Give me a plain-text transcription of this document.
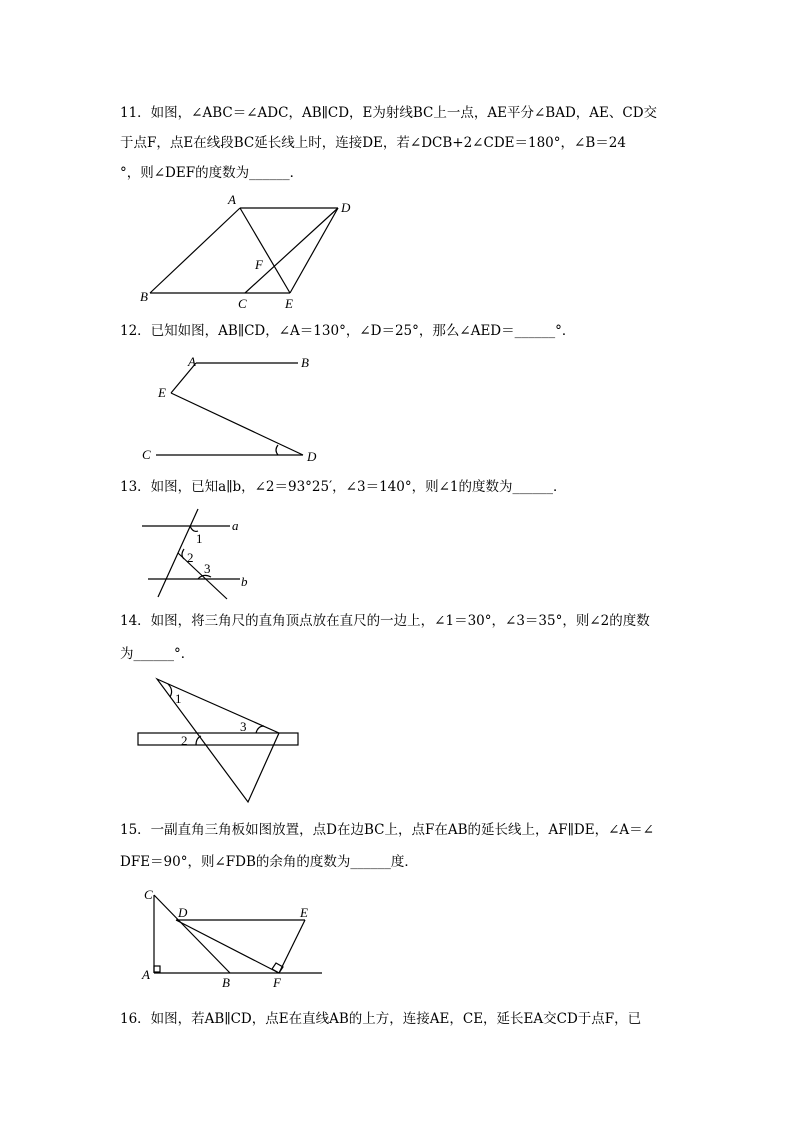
11．如图，∠ABC＝∠ADC，AB∥CD，E为射线BC上一点，AE平分∠BAD，AE、CD交
于点F，点E在线段BC延长线上时，连接DE，若∠DCB+2∠CDE＝180°，∠B＝24
°，则∠DEF的度数为______．
A
B	C
D
E
F
12．已知如图，AB∥CD，∠A＝130°，∠D＝25°，那么∠AED＝______°．
A	B
E
C	D
13．如图，已知a∥b，∠2＝93°25′，∠3＝140°，则∠1的度数为______．
1
2
3
a
b
14．如图，将三角尺的直角顶点放在直尺的一边上，∠1＝30°，∠3＝35°，则∠2的度数
为______°．
1
3
2
15．一副直角三角板如图放置，点D在边BC上，点F在AB的延长线上，AF∥DE，∠A＝∠
DFE＝90°，则∠FDB的余角的度数为______度．
C
D	E
A
B	F
16．如图，若AB∥CD，点E在直线AB的上方，连接AE，CE，延长EA交CD于点F，已
